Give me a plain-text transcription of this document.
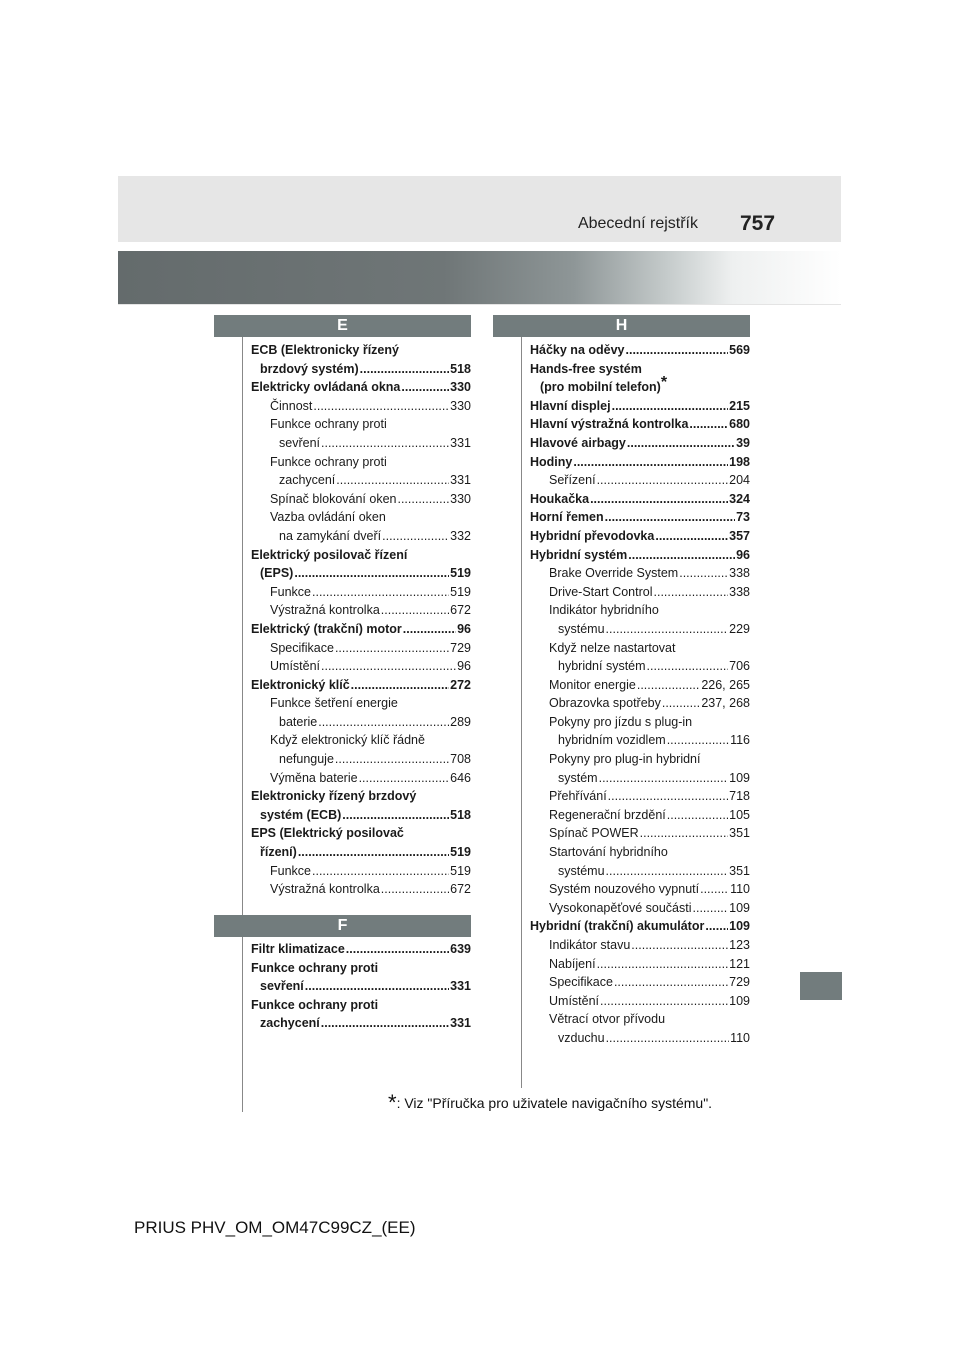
Abecední rejstřík 757
E	H
F
ECB (Elektronicky řízený
brzdový systém) .....	518
Elektricky ovládaná okna .....	330
Činnost .....	330
Funkce ochrany proti
sevření .....	331
Funkce ochrany proti
zachycení .....	331
Spínač blokování oken .....	330
Vazba ovládání oken
na zamykání dveří .....	332
Elektrický posilovač řízení
(EPS) .....	519
Funkce .....	519
Výstražná kontrolka .....	672
Elektrický (trakční) motor .....	96
Specifikace .....	729
Umístění .....	96
Elektronický klíč .....	272
Funkce šetření energie
baterie .....	289
Když elektronický klíč řádně
nefunguje .....	708
Výměna baterie .....	646
Elektronicky řízený brzdový
systém (ECB) .....	518
EPS (Elektrický posilovač
řízení) .....	519
Funkce .....	519
Výstražná kontrolka .....	672
Filtr klimatizace .....	639
Funkce ochrany proti
sevření .....	331
Funkce ochrany proti
zachycení .....	331
Háčky na oděvy .....	569
Hands-free systém
(pro mobilní telefon)*
Hlavní displej .....	215
Hlavní výstražná kontrolka .....	680
Hlavové airbagy .....	39
Hodiny .....	198
Seřízení .....	204
Houkačka .....	324
Horní řemen .....	73
Hybridní převodovka .....	357
Hybridní systém .....	96
Brake Override System .....	338
Drive-Start Control .....	338
Indikátor hybridního
systému .....	229
Když nelze nastartovat
hybridní systém .....	706
Monitor energie .....	226, 265
Obrazovka spotřeby .....	237, 268
Pokyny pro jízdu s plug-in
hybridním vozidlem .....	116
Pokyny pro plug-in hybridní
systém .....	109
Přehřívání .....	718
Regenerační brzdění .....	105
Spínač POWER .....	351
Startování hybridního
systému .....	351
Systém nouzového vypnutí ..... 110
Vysokonapěťové součásti .....	109
Hybridní (trakční) akumulátor ..... 109
Indikátor stavu .....	123
Nabíjení .....	121
Specifikace .....	729
Umístění .....	109
Větrací otvor přívodu
vzduchu .....	110
*: Viz "Příručka pro uživatele navigačního systému".
PRIUS PHV_OM_OM47C99CZ_(EE)
